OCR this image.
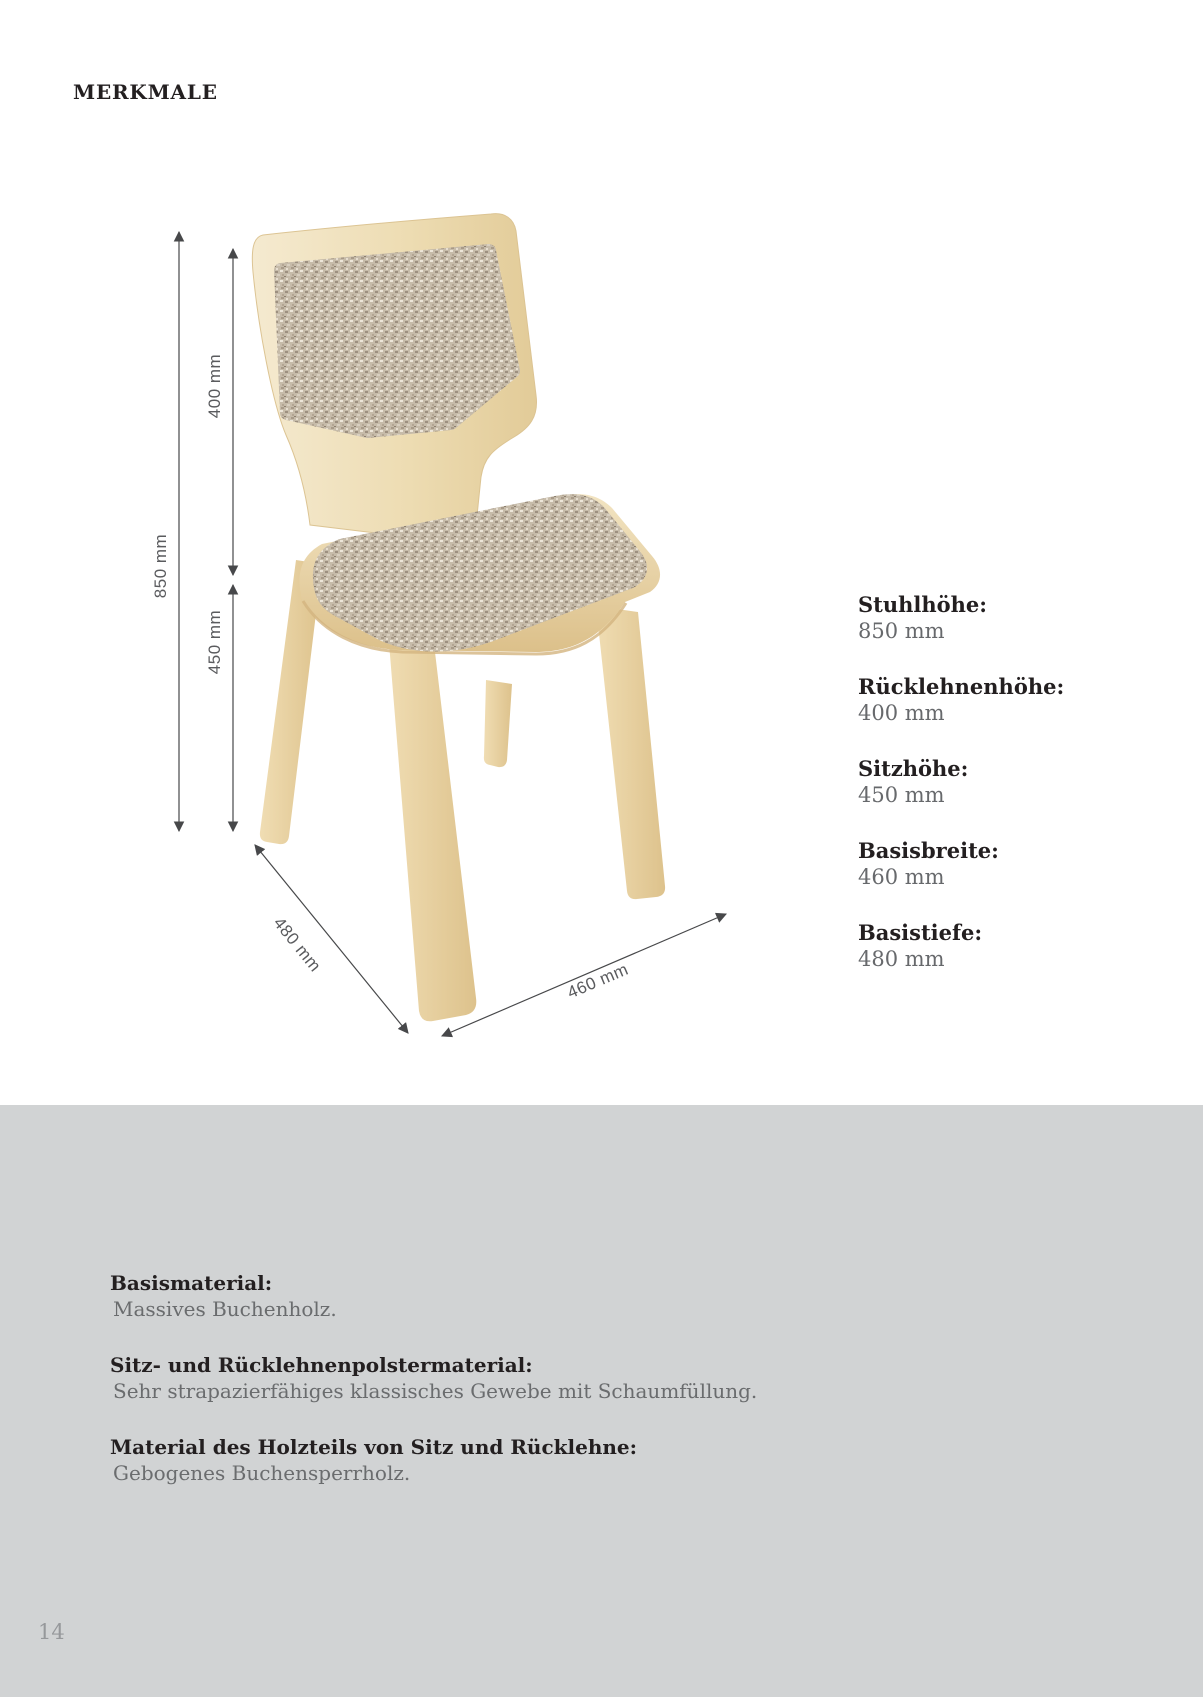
MERKMALE
850 mm
400 mm
450 mm
480 mm
460 mm
Stuhlhöhe:
850 mm
Rücklehnenhöhe:
400 mm
Sitzhöhe:
450 mm
Basisbreite:
460 mm
Basistiefe:
480 mm
Basismaterial:
Massives Buchenholz.
Sitz- und Rücklehnenpolstermaterial:
Sehr strapazierfähiges klassisches Gewebe mit Schaumfüllung.
Material des Holzteils von Sitz und Rücklehne:
Gebogenes Buchensperrholz.
14
